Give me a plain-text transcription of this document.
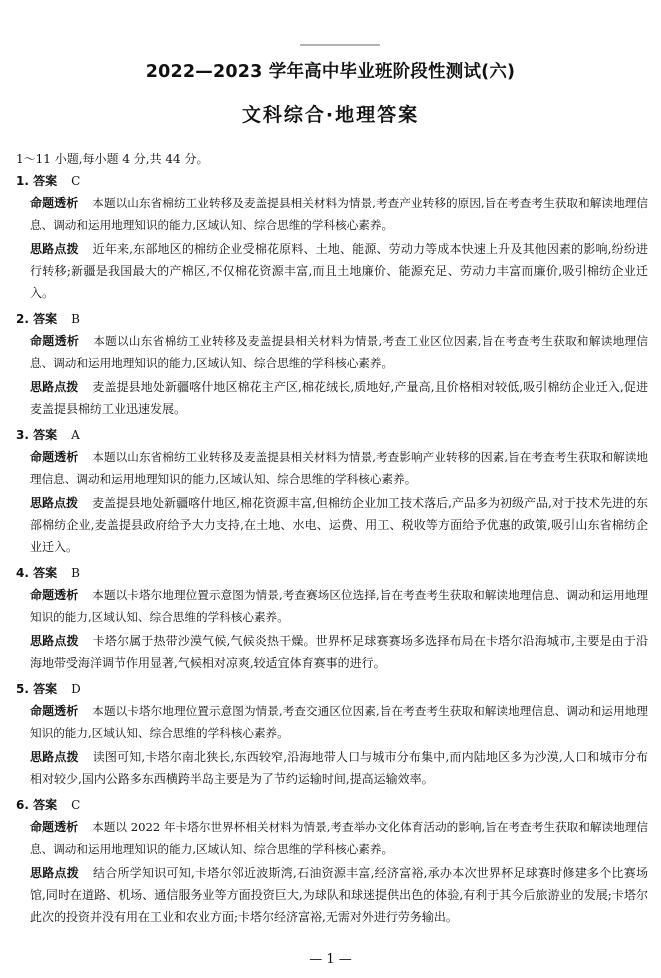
2022—2023 学年高中毕业班阶段性测试(六)
文科综合·地理答案
1～11 小题,每小题 4 分,共 44 分。
1. 答案 C
命题透析 本题以山东省棉纺工业转移及麦盖提县相关材料为情景,考查产业转移的原因,旨在考查考生获取和解读地理信息、调动和运用地理知识的能力,区域认知、综合思维的学科核心素养。
思路点拨 近年来,东部地区的棉纺企业受棉花原料、土地、能源、劳动力等成本快速上升及其他因素的影响,纷纷进行转移;新疆是我国最大的产棉区,不仅棉花资源丰富,而且土地廉价、能源充足、劳动力丰富而廉价,吸引棉纺企业迁入。
2. 答案 B
命题透析 本题以山东省棉纺工业转移及麦盖提县相关材料为情景,考查工业区位因素,旨在考查考生获取和解读地理信息、调动和运用地理知识的能力,区域认知、综合思维的学科核心素养。
思路点拨 麦盖提县地处新疆喀什地区棉花主产区,棉花绒长,质地好,产量高,且价格相对较低,吸引棉纺企业迁入,促进麦盖提县棉纺工业迅速发展。
3. 答案 A
命题透析 本题以山东省棉纺工业转移及麦盖提县相关材料为情景,考查影响产业转移的因素,旨在考查考生获取和解读地理信息、调动和运用地理知识的能力,区域认知、综合思维的学科核心素养。
思路点拨 麦盖提县地处新疆喀什地区,棉花资源丰富,但棉纺企业加工技术落后,产品多为初级产品,对于技术先进的东部棉纺企业,麦盖提县政府给予大力支持,在土地、水电、运费、用工、税收等方面给予优惠的政策,吸引山东省棉纺企业迁入。
4. 答案 B
命题透析 本题以卡塔尔地理位置示意图为情景,考查赛场区位选择,旨在考查考生获取和解读地理信息、调动和运用地理知识的能力,区域认知、综合思维的学科核心素养。
思路点拨 卡塔尔属于热带沙漠气候,气候炎热干燥。世界杯足球赛赛场多选择布局在卡塔尔沿海城市,主要是由于沿海地带受海洋调节作用显著,气候相对凉爽,较适宜体育赛事的进行。
5. 答案 D
命题透析 本题以卡塔尔地理位置示意图为情景,考查交通区位因素,旨在考查考生获取和解读地理信息、调动和运用地理知识的能力,区域认知、综合思维的学科核心素养。
思路点拨 读图可知,卡塔尔南北狭长,东西较窄,沿海地带人口与城市分布集中,而内陆地区多为沙漠,人口和城市分布相对较少,国内公路多东西横跨半岛主要是为了节约运输时间,提高运输效率。
6. 答案 C
命题透析 本题以 2022 年卡塔尔世界杯相关材料为情景,考查举办文化体育活动的影响,旨在考查考生获取和解读地理信息、调动和运用地理知识的能力,区域认知、综合思维的学科核心素养。
思路点拨 结合所学知识可知,卡塔尔邻近波斯湾,石油资源丰富,经济富裕,承办本次世界杯足球赛时修建多个比赛场馆,同时在道路、机场、通信服务业等方面投资巨大,为球队和球迷提供出色的体验,有利于其今后旅游业的发展;卡塔尔此次的投资并没有用在工业和农业方面;卡塔尔经济富裕,无需对外进行劳务输出。
— 1 —
